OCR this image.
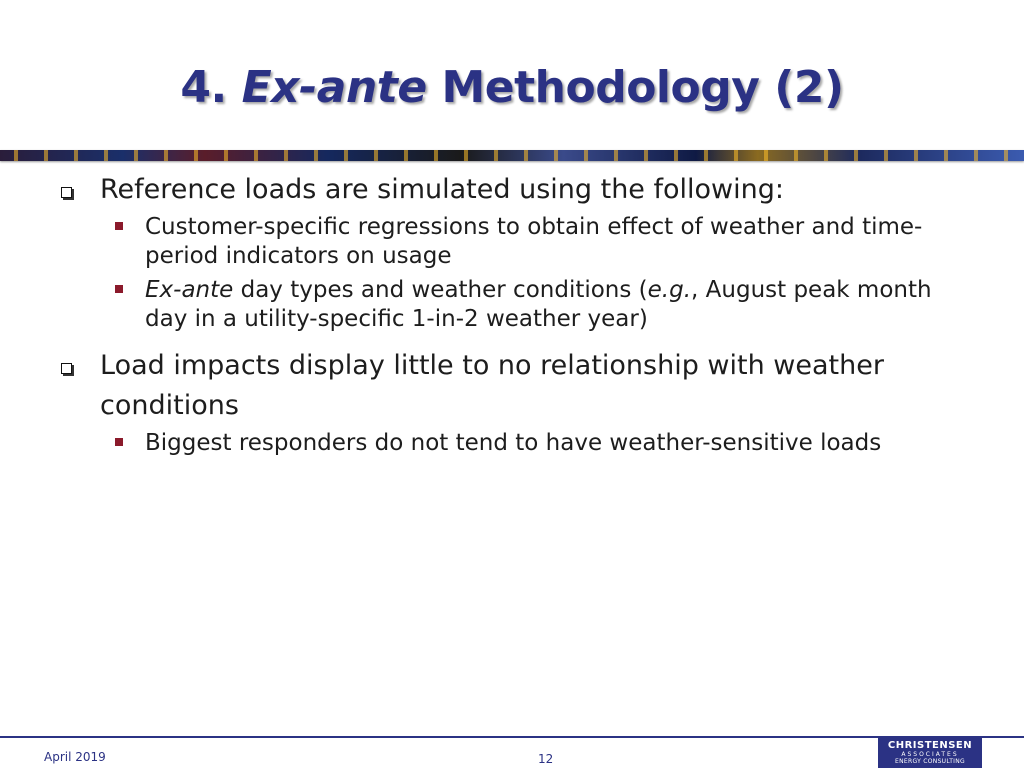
4. Ex-ante Methodology (2)
Reference loads are simulated using the following:
Customer-specific regressions to obtain effect of weather and time-period indicators on usage
Ex-ante day types and weather conditions (e.g., August peak month day in a utility-specific 1-in-2 weather year)
Load impacts display little to no relationship with weather conditions
Biggest responders do not tend to have weather-sensitive loads
April 2019	12
CHRISTENSEN
ASSOCIATES
ENERGY CONSULTING
